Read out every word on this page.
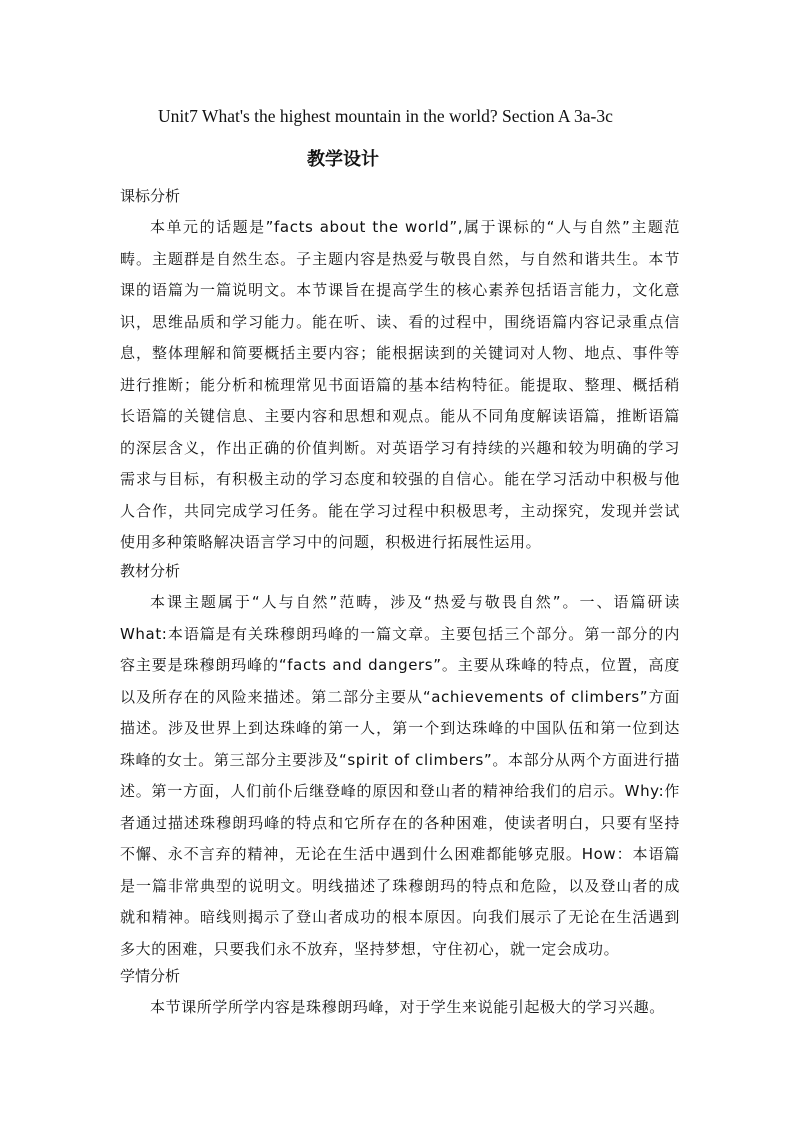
Unit7 What's the highest mountain in the world? Section A 3a-3c
教学设计
课标分析

本单元的话题是”facts about the world”,属于课标的“人与自然”主题范畴。主题群是自然生态。子主题内容是热爱与敬畏自然，与自然和谐共生。本节课的语篇为一篇说明文。本节课旨在提高学生的核心素养包括语言能力，文化意识，思维品质和学习能力。能在听、读、看的过程中，围绕语篇内容记录重点信息，整体理解和简要概括主要内容；能根据读到的关键词对人物、地点、事件等进行推断；能分析和梳理常见书面语篇的基本结构特征。能提取、整理、概括稍长语篇的关键信息、主要内容和思想和观点。能从不同角度解读语篇，推断语篇的深层含义，作出正确的价值判断。对英语学习有持续的兴趣和较为明确的学习需求与目标，有积极主动的学习态度和较强的自信心。能在学习活动中积极与他人合作，共同完成学习任务。能在学习过程中积极思考，主动探究，发现并尝试使用多种策略解决语言学习中的问题，积极进行拓展性运用。

教材分析

本课主题属于“人与自然”范畴，涉及“热爱与敬畏自然”。一、语篇研读 What:本语篇是有关珠穆朗玛峰的一篇文章。主要包括三个部分。第一部分的内容主要是珠穆朗玛峰的“facts and dangers”。主要从珠峰的特点，位置，高度以及所存在的风险来描述。第二部分主要从“achievements of climbers”方面描述。涉及世界上到达珠峰的第一人，第一个到达珠峰的中国队伍和第一位到达珠峰的女士。第三部分主要涉及“spirit of climbers”。本部分从两个方面进行描述。第一方面，人们前仆后继登峰的原因和登山者的精神给我们的启示。Why:作者通过描述珠穆朗玛峰的特点和它所存在的各种困难，使读者明白，只要有坚持不懈、永不言弃的精神，无论在生活中遇到什么困难都能够克服。How：本语篇是一篇非常典型的说明文。明线描述了珠穆朗玛的特点和危险，以及登山者的成就和精神。暗线则揭示了登山者成功的根本原因。向我们展示了无论在生活遇到多大的困难，只要我们永不放弃，坚持梦想，守住初心，就一定会成功。

学情分析

本节课所学所学内容是珠穆朗玛峰，对于学生来说能引起极大的学习兴趣。
